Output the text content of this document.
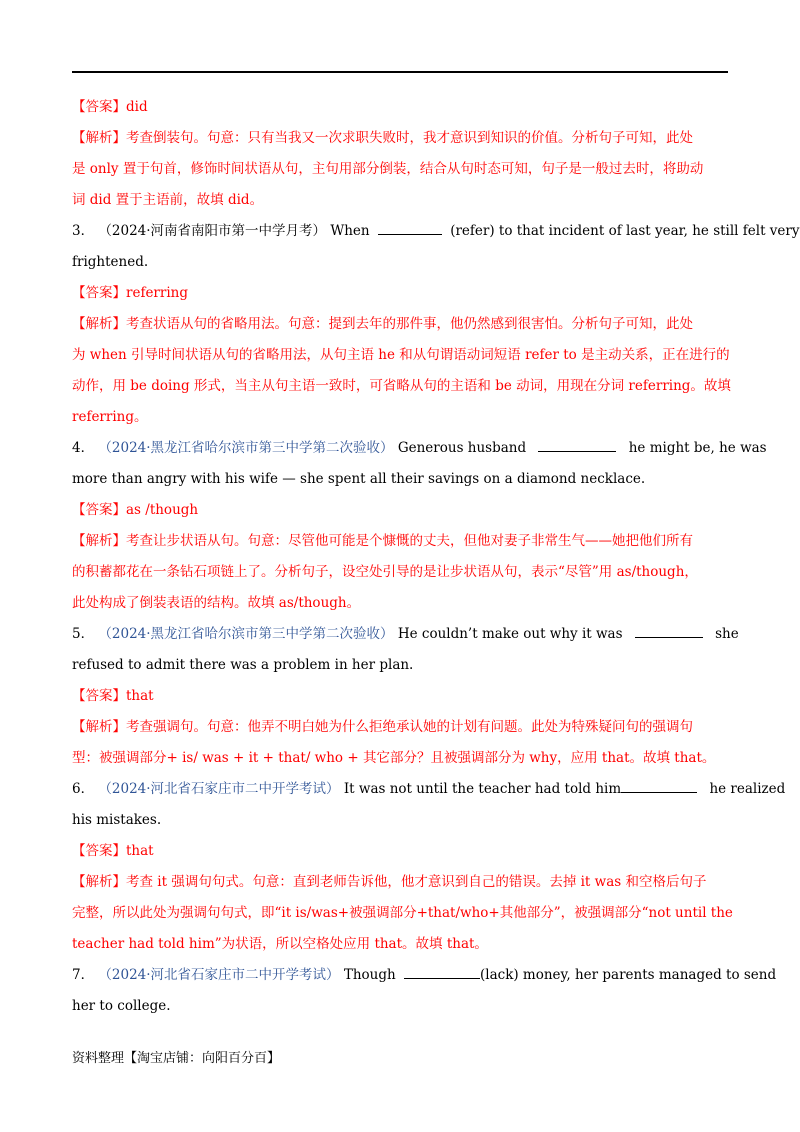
【答案】did
【解析】考查倒装句。句意：只有当我又一次求职失败时，我才意识到知识的价值。分析句子可知，此处
是 only 置于句首，修饰时间状语从句，主句用部分倒装，结合从句时态可知，句子是一般过去时，将助动
词 did 置于主语前，故填 did。
3． （2024·河南省南阳市第一中学月考） When	(refer) to that incident of last year, he still felt very
frightened.
【答案】referring
【解析】考查状语从句的省略用法。句意：提到去年的那件事，他仍然感到很害怕。分析句子可知，此处
为 when 引导时间状语从句的省略用法，从句主语 he 和从句谓语动词短语 refer to 是主动关系，正在进行的
动作，用 be doing 形式，当主从句主语一致时，可省略从句的主语和 be 动词，用现在分词 referring。故填
referring。
4． （2024·黑龙江省哈尔滨市第三中学第二次验收） Generous husband	he might be, he was
more than angry with his wife — she spent all their savings on a diamond necklace.
【答案】as /though
【解析】考查让步状语从句。句意：尽管他可能是个慷慨的丈夫，但他对妻子非常生气——她把他们所有
的积蓄都花在一条钻石项链上了。分析句子，设空处引导的是让步状语从句，表示“尽管”用 as/though，
此处构成了倒装表语的结构。故填 as/though。
5． （2024·黑龙江省哈尔滨市第三中学第二次验收） He couldn’t make out why it was	she
refused to admit there was a problem in her plan.
【答案】that
【解析】考查强调句。句意：他弄不明白她为什么拒绝承认她的计划有问题。此处为特殊疑问句的强调句
型：被强调部分+ is/ was + it + that/ who + 其它部分？且被强调部分为 why，应用 that。故填 that。
6． （2024·河北省石家庄市二中开学考试） It was not until the teacher had told him	he realized
his mistakes.
【答案】that
【解析】考查 it 强调句句式。句意：直到老师告诉他，他才意识到自己的错误。去掉 it was 和空格后句子
完整，所以此处为强调句句式，即“it is/was+被强调部分+that/who+其他部分”，被强调部分“not until the
teacher had told him”为状语，所以空格处应用 that。故填 that。
7． （2024·河北省石家庄市二中开学考试） Though	(lack) money, her parents managed to send
her to college.
资料整理【淘宝店铺：向阳百分百】
